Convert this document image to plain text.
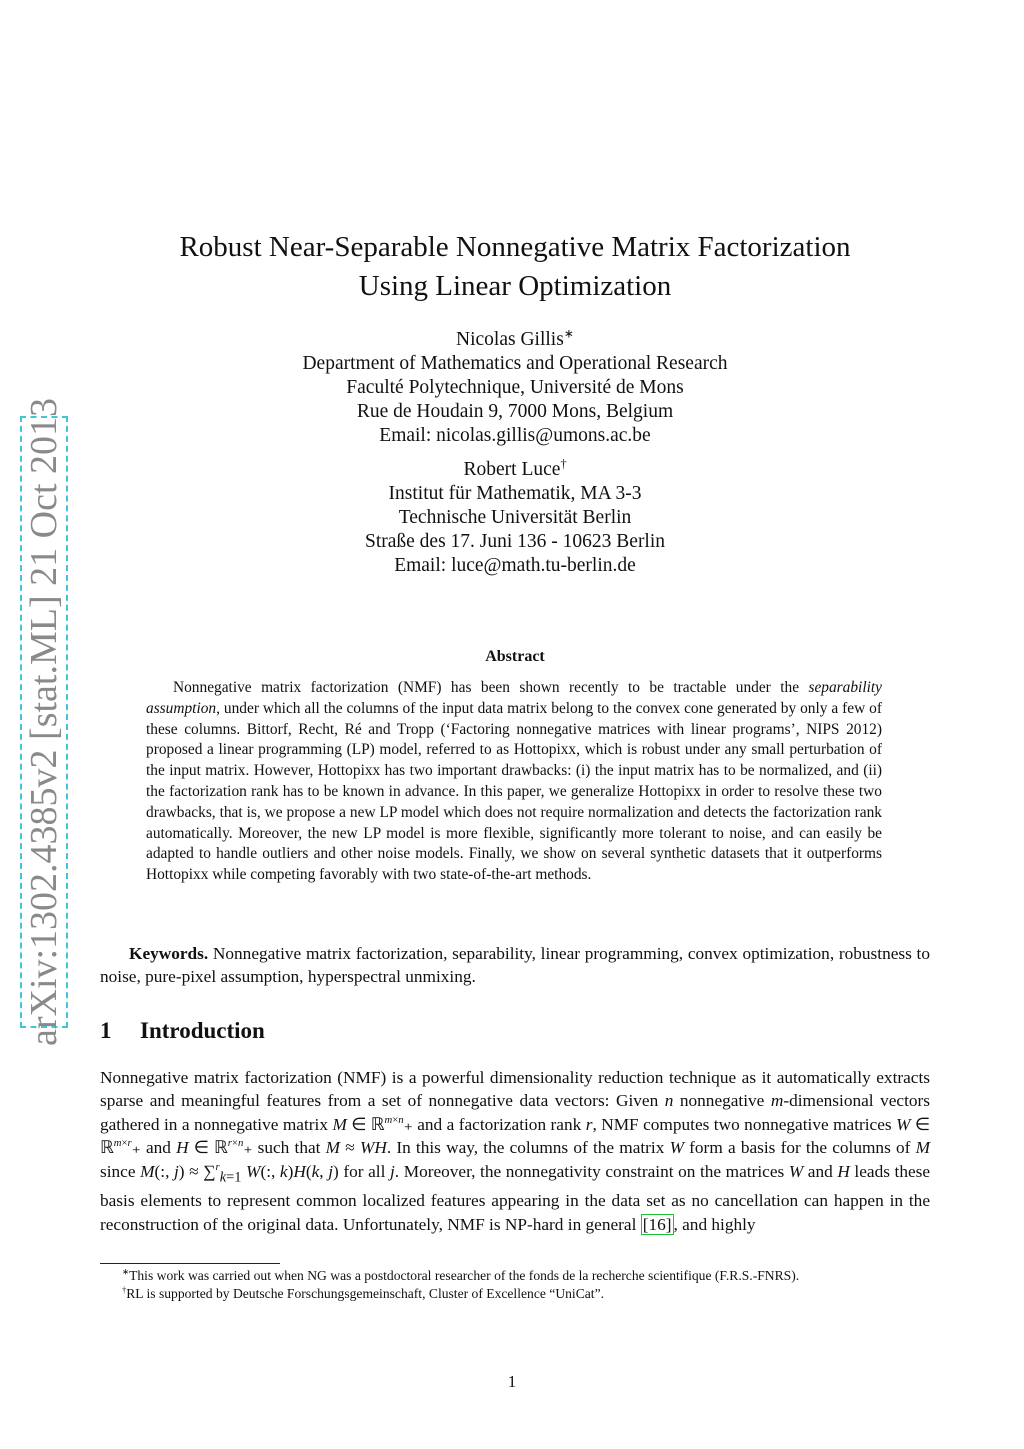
arXiv:1302.4385v2 [stat.ML] 21 Oct 2013
Robust Near-Separable Nonnegative Matrix Factorization
Using Linear Optimization

Nicolas Gillis∗

Department of Mathematics and Operational Research

Faculté Polytechnique, Université de Mons

Rue de Houdain 9, 7000 Mons, Belgium

Email: nicolas.gillis@umons.ac.be

Robert Luce†

Institut für Mathematik, MA 3-3

Technische Universität Berlin

Straße des 17. Juni 136 - 10623 Berlin

Email: luce@math.tu-berlin.de

Abstract

Nonnegative matrix factorization (NMF) has been shown recently to be tractable under the separability assumption, under which all the columns of the input data matrix belong to the convex cone generated by only a few of these columns. Bittorf, Recht, Ré and Tropp (‘Factoring nonnegative matrices with linear programs’, NIPS 2012) proposed a linear programming (LP) model, referred to as Hottopixx, which is robust under any small perturbation of the input matrix. However, Hottopixx has two important drawbacks: (i) the input matrix has to be normalized, and (ii) the factorization rank has to be known in advance. In this paper, we generalize Hottopixx in order to resolve these two drawbacks, that is, we propose a new LP model which does not require normalization and detects the factorization rank automatically. Moreover, the new LP model is more flexible, significantly more tolerant to noise, and can easily be adapted to handle outliers and other noise models. Finally, we show on several synthetic datasets that it outperforms Hottopixx while competing favorably with two state-of-the-art methods.

Keywords. Nonnegative matrix factorization, separability, linear programming, convex optimization, robustness to noise, pure-pixel assumption, hyperspectral unmixing.

1 Introduction

Nonnegative matrix factorization (NMF) is a powerful dimensionality reduction technique as it automatically extracts sparse and meaningful features from a set of nonnegative data vectors: Given n nonnegative m-dimensional vectors gathered in a nonnegative matrix M ∈ ℝ$^{m\times n}$₊ and a factorization rank r, NMF computes two nonnegative matrices W ∈ ℝ$^{m\times r}$₊ and H ∈ ℝ$^{r\times n}$₊ such that M ≈ WH. In this way, the columns of the matrix W form a basis for the columns of M since M(:, j) ≈ ∑$^r_{k=1}$ W(:, k)H(k, j) for all j. Moreover, the nonnegativity constraint on the matrices W and H leads these basis elements to represent common localized features appearing in the data set as no cancellation can happen in the reconstruction of the original data. Unfortunately, NMF is NP-hard in general [16] , and highly

∗This work was carried out when NG was a postdoctoral researcher of the fonds de la recherche scientifique (F.R.S.-FNRS).

†RL is supported by Deutsche Forschungsgemeinschaft, Cluster of Excellence “UniCat”.

1
